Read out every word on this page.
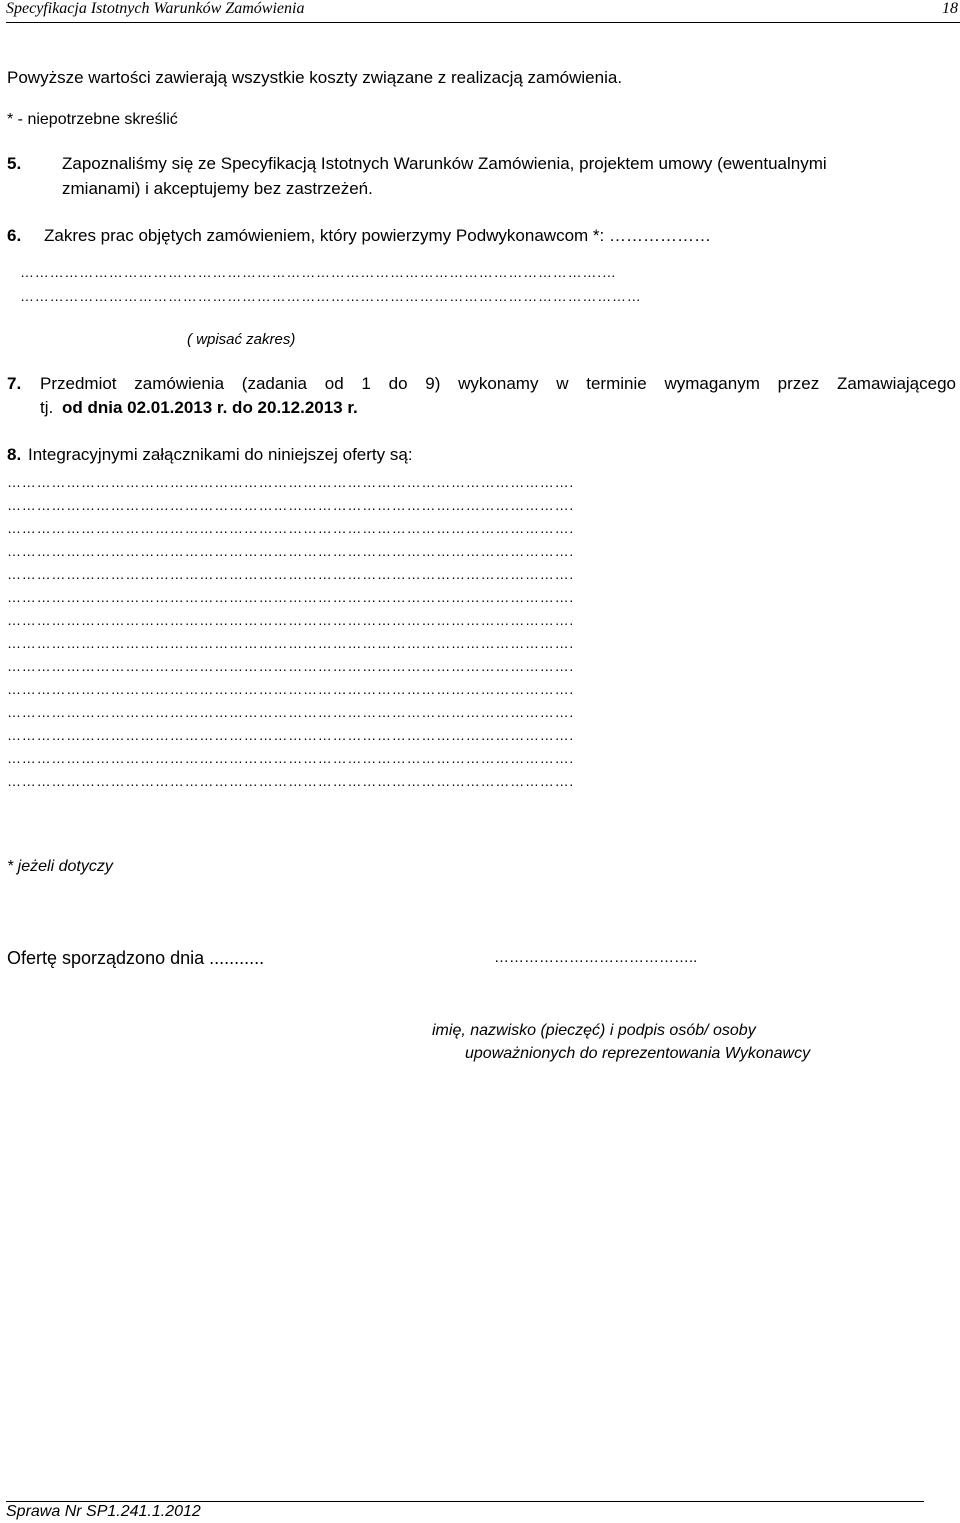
Specyfikacja Istotnych Warunków Zamówienia	18
Powyższe wartości zawierają wszystkie koszty związane z realizacją zamówienia.
* - niepotrzebne skreślić
5. Zapoznaliśmy się ze Specyfikacją Istotnych Warunków Zamówienia, projektem umowy (ewentualnymi
zmianami) i akceptujemy bez zastrzeżeń.
6. Zakres prac objętych zamówieniem, który powierzymy Podwykonawcom *: ………………
……………………………………………………………………………………………………….…
………………………………………………………………………………………………………………
( wpisać zakres)
7. Przedmiot zamówienia (zadania od 1 do 9) wykonamy w terminie wymaganym przez Zamawiającego
tj. od dnia 02.01.2013 r. do 20.12.2013 r.
8. Integracyjnymi załącznikami do niniejszej oferty są:
…………………………………………………………………………………………………….
…………………………………………………………………………………………………….
…………………………………………………………………………………………………….
…………………………………………………………………………………………………….
…………………………………………………………………………………………………….
…………………………………………………………………………………………………….
…………………………………………………………………………………………………….
…………………………………………………………………………………………………….
…………………………………………………………………………………………………….
…………………………………………………………………………………………………….
…………………………………………………………………………………………………….
…………………………………………………………………………………………………….
…………………………………………………………………………………………………….
…………………………………………………………………………………………………….
* jeżeli dotyczy
Ofertę sporządzono dnia ...........	…………………………………..
imię, nazwisko (pieczęć) i podpis osób/ osoby
upoważnionych do reprezentowania Wykonawcy
Sprawa Nr SP1.241.1.2012
